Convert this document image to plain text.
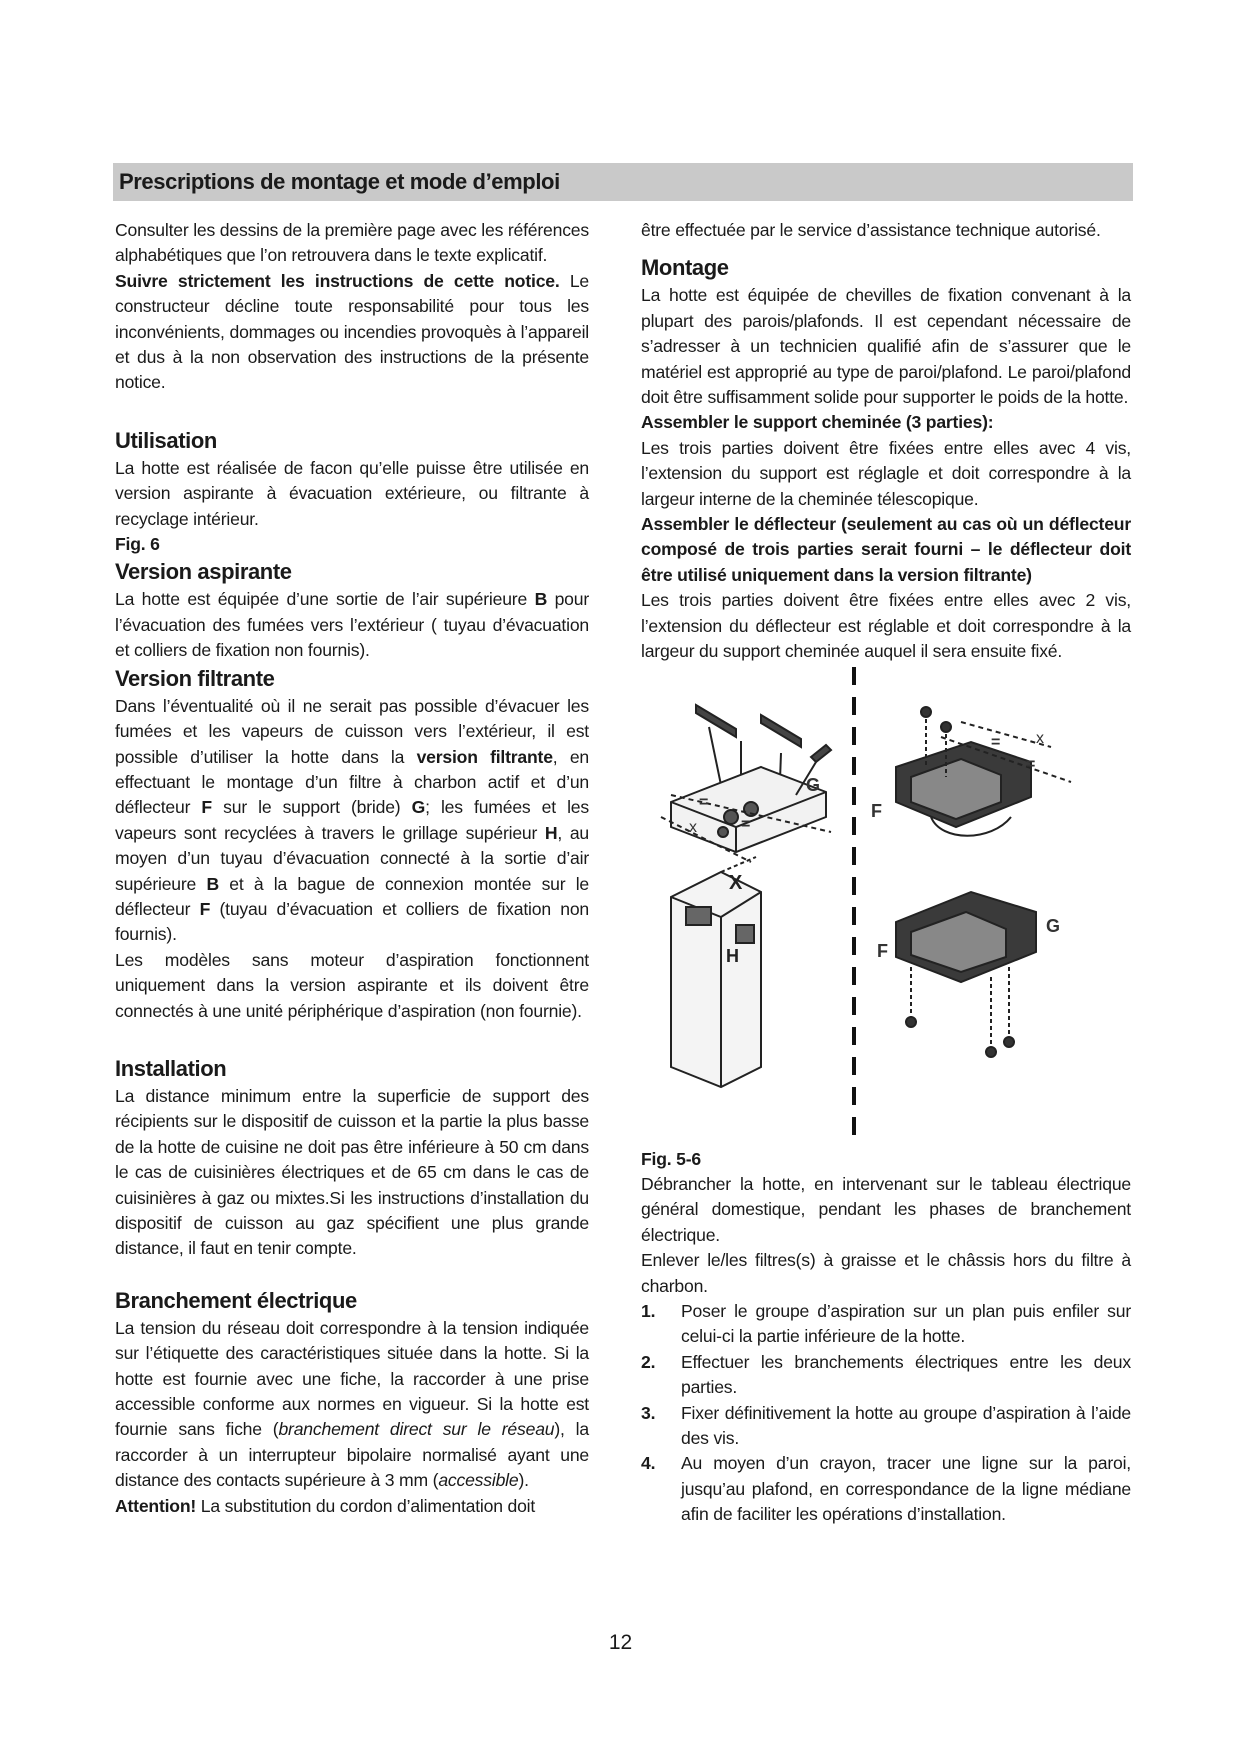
Prescriptions de montage et mode d’emploi

Consulter les dessins de la première page avec les références alphabétiques que l’on retrouvera dans le texte explicatif.

Suivre strictement les instructions de cette notice. Le constructeur décline toute responsabilité pour tous les inconvénients, dommages ou incendies provoquès à l’appareil et dus à la non observation des instructions de la présente notice.

Utilisation

La hotte est réalisée de facon qu’elle puisse être utilisée en version aspirante à évacuation extérieure, ou filtrante à recyclage intérieur.

Fig. 6

Version aspirante

La hotte est équipée d’une sortie de l’air supérieure B pour l’évacuation des fumées vers l’extérieur ( tuyau d’évacuation et colliers de fixation non fournis).

Version filtrante

Dans l’éventualité où il ne serait pas possible d’évacuer les fumées et les vapeurs de cuisson vers l’extérieur, il est possible d’utiliser la hotte dans la version filtrante, en effectuant le montage d’un filtre à charbon actif et d’un déflecteur F sur le support (bride) G; les fumées et les vapeurs sont recyclées à travers le grillage supérieur H, au moyen d’un tuyau d’évacuation connecté à la sortie d’air supérieure B et à la bague de connexion montée sur le déflecteur F (tuyau d’évacuation et colliers de fixation non fournis).

Les modèles sans moteur d’aspiration fonctionnent uniquement dans la version aspirante et ils doivent être connectés à une unité périphérique d’aspiration (non fournie).

Installation

La distance minimum entre la superficie de support des récipients sur le dispositif de cuisson et la partie la plus basse de la hotte de cuisine ne doit pas être inférieure à 50 cm dans le cas de cuisinières électriques et de 65 cm dans le cas de cuisinières à gaz ou mixtes.Si les instructions d’installation du dispositif de cuisson au gaz spécifient une plus grande distance, il faut en tenir compte.

Branchement électrique

La tension du réseau doit correspondre à la tension indiquée sur l’étiquette des caractéristiques située dans la hotte. Si la hotte est fournie avec une fiche, la raccorder à une prise accessible conforme aux normes en vigueur. Si la hotte est fournie sans fiche (branchement direct sur le réseau), la raccorder à un interrupteur bipolaire normalisé ayant une distance des contacts supérieure à 3 mm (accessible).

Attention! La substitution du cordon d’alimentation doit

être effectuée par le service d’assistance technique autorisé.

Montage

La hotte est équipée de chevilles de fixation convenant à la plupart des parois/plafonds. Il est cependant nécessaire de s’adresser à un technicien qualifié afin de s’assurer que le matériel est approprié au type de paroi/plafond. Le paroi/plafond doit être suffisamment solide pour supporter le poids de la hotte.

Assembler le support cheminée (3 parties):

Les trois parties doivent être fixées entre elles avec 4 vis, l’extension du support est réglagle et doit correspondre à la largeur interne de la cheminée télescopique.

Assembler le déflecteur (seulement au cas où un déflecteur composé de trois parties serait fourni – le déflecteur doit être utilisé uniquement dans la version filtrante)

Les trois parties doivent être fixées entre elles avec 2 vis, l’extension du déflecteur est réglable et doit correspondre à la largeur du support cheminée auquel il sera ensuite fixé.

G
x
=
=
F
x
=
=
X
H	F
G

Fig. 5-6

Débrancher la hotte, en intervenant sur le tableau électrique général domestique, pendant les phases de branchement électrique.

Enlever le/les filtres(s) à graisse et le châssis hors du filtre à charbon.

1. Poser le groupe d’aspiration sur un plan puis enfiler sur celui-ci la partie inférieure de la hotte.
2. Effectuer les branchements électriques entre les deux parties.
3. Fixer définitivement la hotte au groupe d’aspiration à l’aide des vis.
4. Au moyen d’un crayon, tracer une ligne sur la paroi, jusqu’au plafond, en correspondance de la ligne médiane afin de faciliter les opérations d’installation.
12
